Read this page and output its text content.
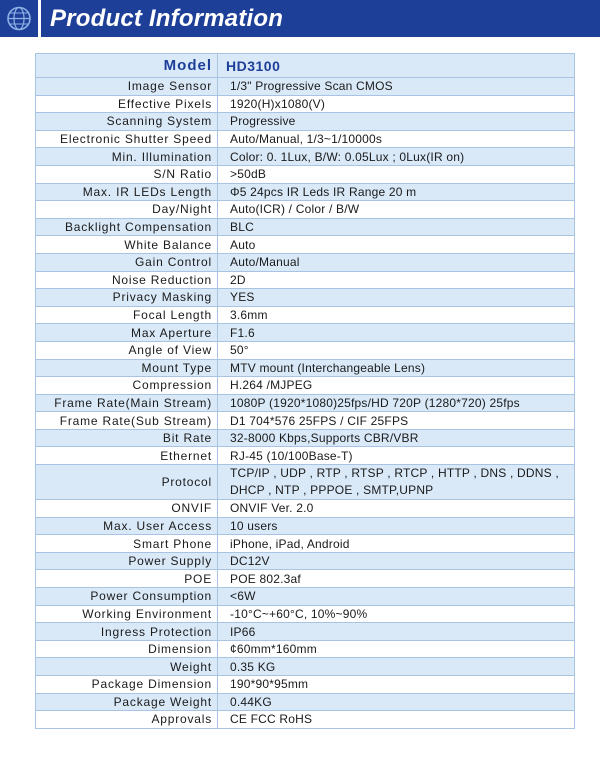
Product Information
Model	HD3100
Image Sensor	1/3" Progressive Scan CMOS
Effective Pixels	1920(H)x1080(V)
Scanning System	Progressive
Electronic Shutter Speed	Auto/Manual, 1/3~1/10000s
Min. Illumination	Color: 0. 1Lux, B/W: 0.05Lux ; 0Lux(IR on)
S/N Ratio	>50dB
Max. IR LEDs Length	Φ5 24pcs IR Leds IR Range 20 m
Day/Night	Auto(ICR) / Color / B/W
Backlight Compensation	BLC
White Balance	Auto
Gain Control	Auto/Manual
Noise Reduction	2D
Privacy Masking	YES
Focal Length	3.6mm
Max Aperture	F1.6
Angle of View	50°
Mount Type	MTV mount (Interchangeable Lens)
Compression	H.264 /MJPEG
Frame Rate(Main Stream)	1080P (1920*1080)25fps/HD 720P (1280*720) 25fps
Frame Rate(Sub Stream)	D1 704*576 25FPS / CIF 25FPS
Bit Rate	32-8000 Kbps,Supports CBR/VBR
Ethernet	RJ-45 (10/100Base-T)
Protocol	TCP/IP , UDP , RTP , RTSP , RTCP , HTTP , DNS , DDNS , DHCP , NTP , PPPOE , SMTP,UPNP
ONVIF	ONVIF Ver. 2.0
Max. User Access	10 users
Smart Phone	iPhone, iPad, Android
Power Supply	DC12V
POE	POE 802.3af
Power Consumption	<6W
Working Environment	-10°C~+60°C, 10%~90%
Ingress Protection	IP66
Dimension	¢60mm*160mm
Weight	0.35 KG
Package Dimension	190*90*95mm
Package Weight	0.44KG
Approvals	CE FCC RoHS
